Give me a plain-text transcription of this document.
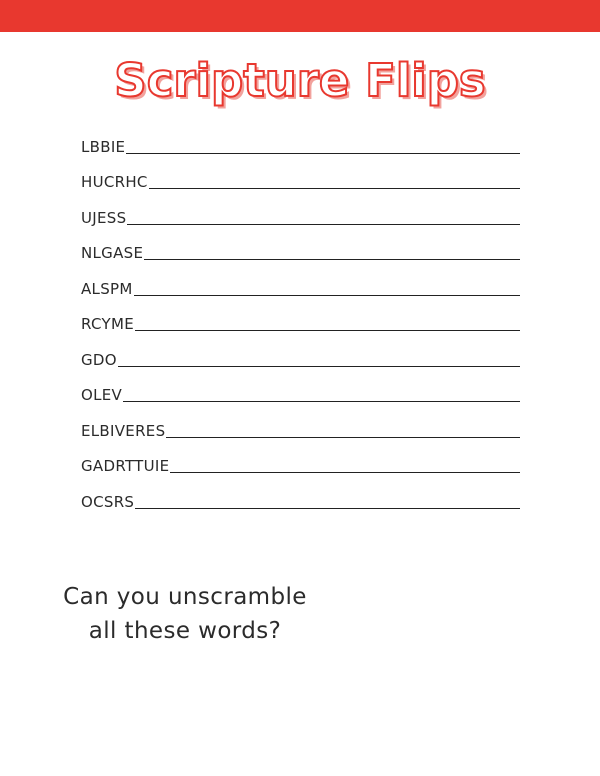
Scripture Flips
LBBIE
HUCRHC
UJESS
NLGASE
ALSPM
RCYME
GDO
OLEV
ELBIVERES
GADRTTUIE
OCSRS
Can you unscramble
all these words?
